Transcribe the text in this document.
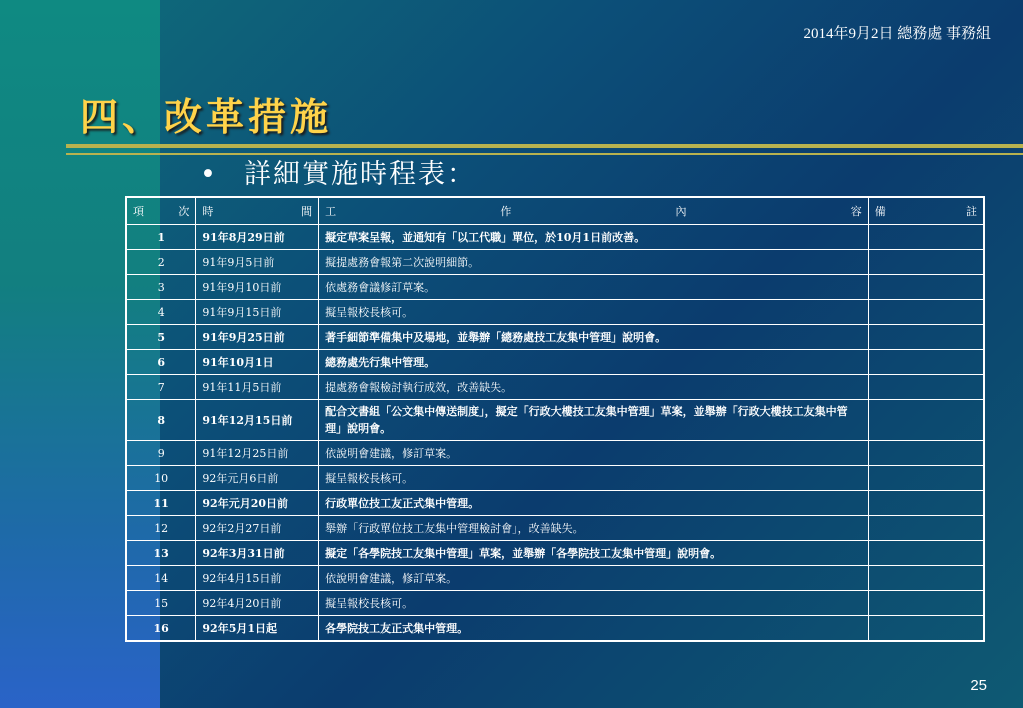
2014年9月2日 總務處 事務組
四、改革措施
• 詳細實施時程表：
項 次	時 間	工 作 內 容	備 註

1	91年8月29日前	擬定草案呈報，並通知有「以工代職」單位，於10月1日前改善。	
2	91年9月5日前	擬提處務會報第二次說明細節。	
3	91年9月10日前	依處務會議修訂草案。	
4	91年9月15日前	擬呈報校長核可。	
5	91年9月25日前	著手細節準備集中及場地，並舉辦「總務處技工友集中管理」說明會。	
6	91年10月1日	總務處先行集中管理。	
7	91年11月5日前	提處務會報檢討執行成效，改善缺失。	
8	91年12月15日前	配合文書組「公文集中傳送制度」，擬定「行政大樓技工友集中管理」草案，並舉辦「行政大樓技工友集中管理」說明會。	
9	91年12月25日前	依說明會建議，修訂草案。	
10	92年元月6日前	擬呈報校長核可。	
11	92年元月20日前	行政單位技工友正式集中管理。	
12	92年2月27日前	舉辦「行政單位技工友集中管理檢討會」，改善缺失。	
13	92年3月31日前	擬定「各學院技工友集中管理」草案，並舉辦「各學院技工友集中管理」說明會。	
14	92年4月15日前	依說明會建議，修訂草案。	
15	92年4月20日前	擬呈報校長核可。	
16	92年5月1日起	各學院技工友正式集中管理。	
25
